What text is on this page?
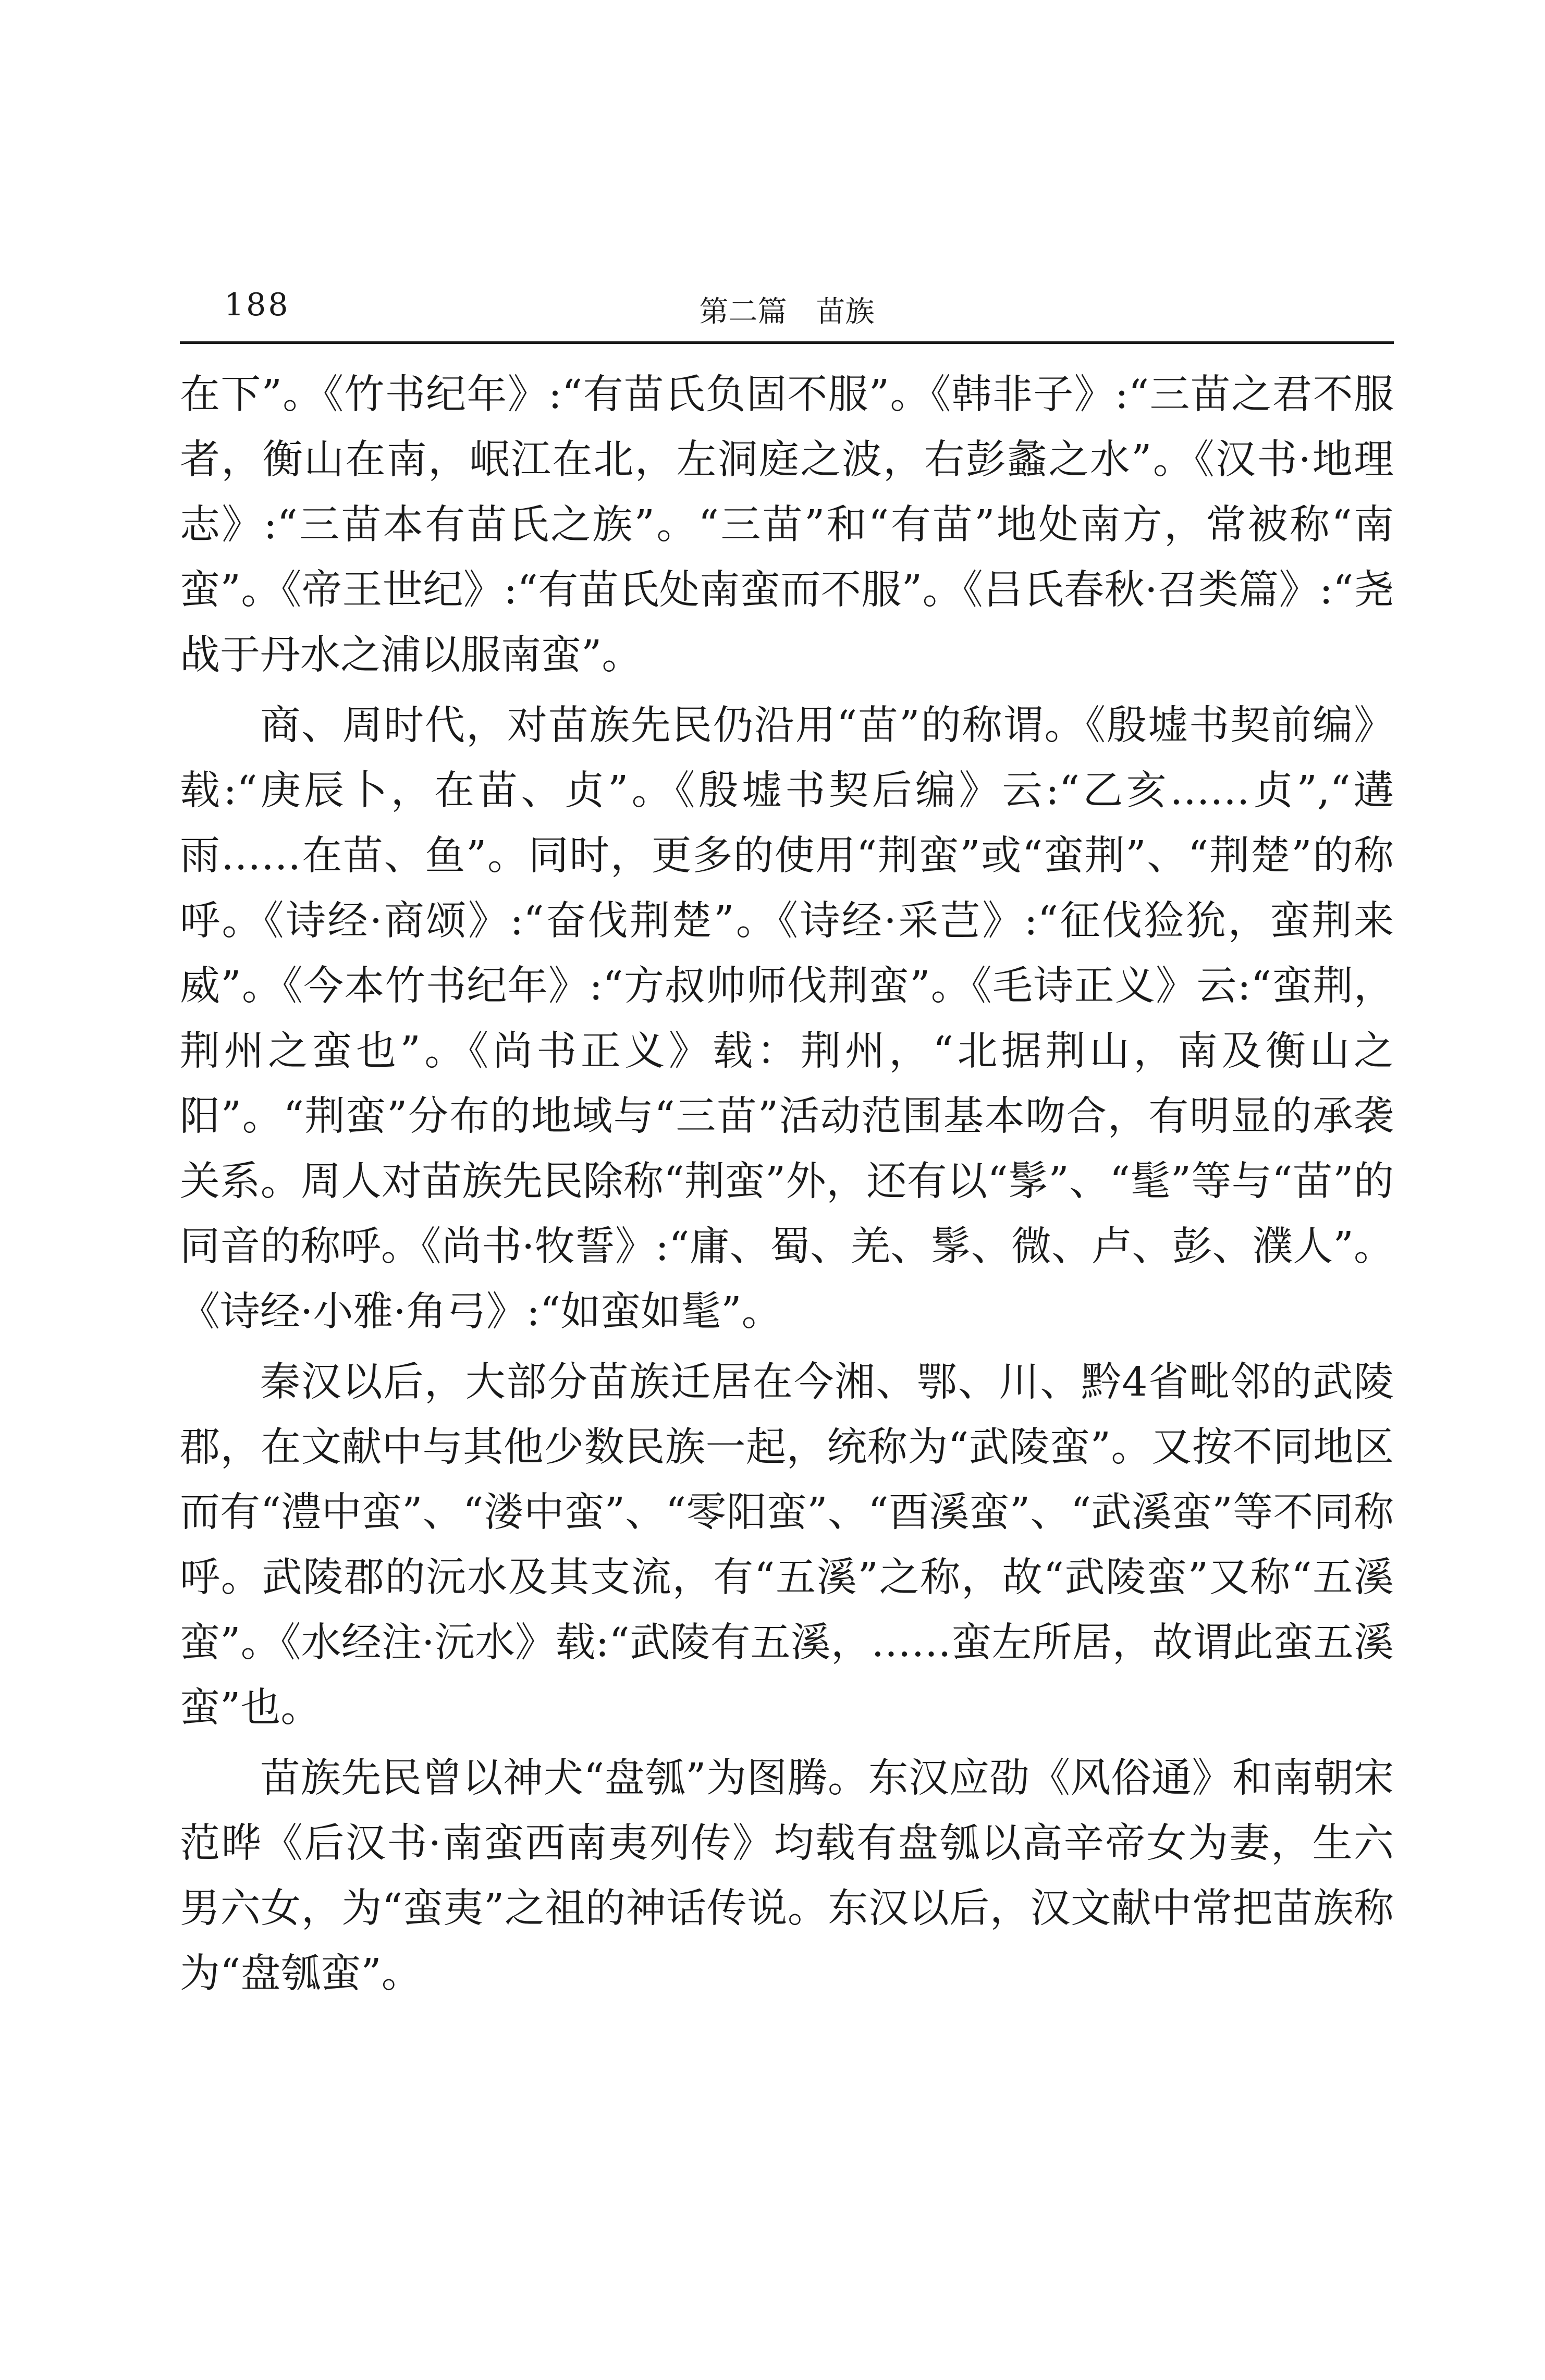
188	第二篇　苗族

在下”。《竹书纪年》:“有苗氏负固不服”。《韩非子》:“三苗之君不服者，衡山在南，岷江在北，左洞庭之波，右彭蠡之水”。《汉书·地理志》:“三苗本有苗氏之族”。“三苗”和“有苗”地处南方，常被称“南蛮”。《帝王世纪》:“有苗氏处南蛮而不服”。《吕氏春秋·召类篇》:“尧战于丹水之浦以服南蛮”。

商、周时代，对苗族先民仍沿用“苗”的称谓。《殷墟书契前编》载:“庚辰卜，在苗、贞”。《殷墟书契后编》云:“乙亥……贞”,“遘雨……在苗、鱼”。同时，更多的使用“荆蛮”或“蛮荆”、“荆楚”的称呼。《诗经·商颂》:“奋伐荆楚”。《诗经·采芑》:“征伐猃狁，蛮荆来威”。《今本竹书纪年》:“方叔帅师伐荆蛮”。《毛诗正义》云:“蛮荆，荆州之蛮也”。《尚书正义》载：荆州，“北据荆山，南及衡山之阳”。“荆蛮”分布的地域与“三苗”活动范围基本吻合，有明显的承袭关系。周人对苗族先民除称“荆蛮”外，还有以“髳”、“髦”等与“苗”的同音的称呼。《尚书·牧誓》:“庸、蜀、羌、髳、微、卢、彭、濮人”。《诗经·小雅·角弓》:“如蛮如髦”。

秦汉以后，大部分苗族迁居在今湘、鄂、川、黔4省毗邻的武陵郡，在文献中与其他少数民族一起，统称为“武陵蛮”。又按不同地区而有“澧中蛮”、“溇中蛮”、“零阳蛮”、“酉溪蛮”、“武溪蛮”等不同称呼。武陵郡的沅水及其支流，有“五溪”之称，故“武陵蛮”又称“五溪蛮”。《水经注·沅水》载:“武陵有五溪，……蛮左所居，故谓此蛮五溪蛮”也。

苗族先民曾以神犬“盘瓠”为图腾。东汉应劭《风俗通》和南朝宋范晔《后汉书·南蛮西南夷列传》均载有盘瓠以高辛帝女为妻，生六男六女，为“蛮夷”之祖的神话传说。东汉以后，汉文献中常把苗族称为“盘瓠蛮”。
